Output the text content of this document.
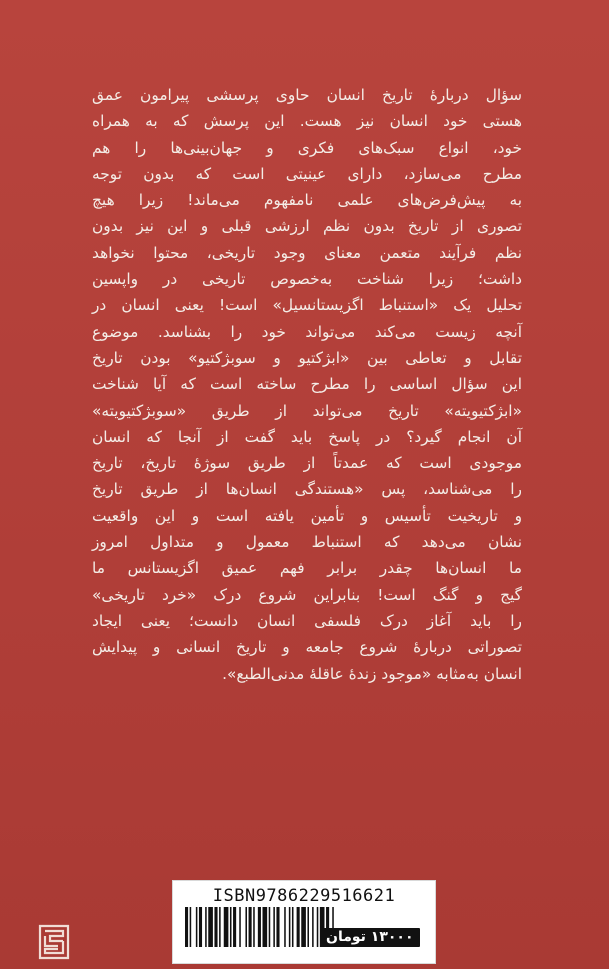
سؤال دربارهٔ تاریخ انسان حاوی پرسشی پیرامون عمق
هستی خود انسان نیز هست. این پرسش که به همراه
خود، انواع سبک‌های فکری و جهان‌بینی‌ها را هم
مطرح می‌سازد، دارای عینیتی است که بدون توجه
به پیش‌فرض‌های علمی نامفهوم می‌ماند! زیرا هیچ
تصوری از تاریخ بدون نظم ارزشی قبلی و این نیز بدون
نظم فرآیند متعمن معنای وجود تاریخی، محتوا نخواهد
داشت؛ زیرا شناخت به‌خصوص تاریخی در واپسین
تحلیل یک «استنباط اگزیستانسیل» است! یعنی انسان در
آنچه زیست می‌کند می‌تواند خود را بشناسد. موضوع
تقابل و تعاطی بین «ابژکتیو و سوبژکتیو» بودن تاریخ
این سؤال اساسی را مطرح ساخته است که آیا شناخت
«ابژکتیویته» تاریخ می‌تواند از طریق «سوبژکتیویته»
آن انجام گیرد؟ در پاسخ باید گفت از آنجا که انسان
موجودی است که عمدتاً از طریق سوژهٔ تاریخ، تاریخ
را می‌شناسد، پس «هستندگی انسان‌ها از طریق تاریخ
و تاریخیت تأسیس و تأمین یافته است و این واقعیت
نشان می‌دهد که استنباط معمول و متداول امروز
ما انسان‌ها چقدر برابر فهم عمیق اگزیستانس ما
گیج و گنگ است! بنابراین شروع درک «خرد تاریخی»
را باید آغاز درک فلسفی انسان دانست؛ یعنی ایجاد
تصوراتی دربارهٔ شروع جامعه و تاریخ انسانی و پیدایش
انسان به‌مثابه «موجود زندهٔ عاقلهٔ مدنی‌الطبع».
ISBN9786229516621
۱۳۰۰۰ تومان
